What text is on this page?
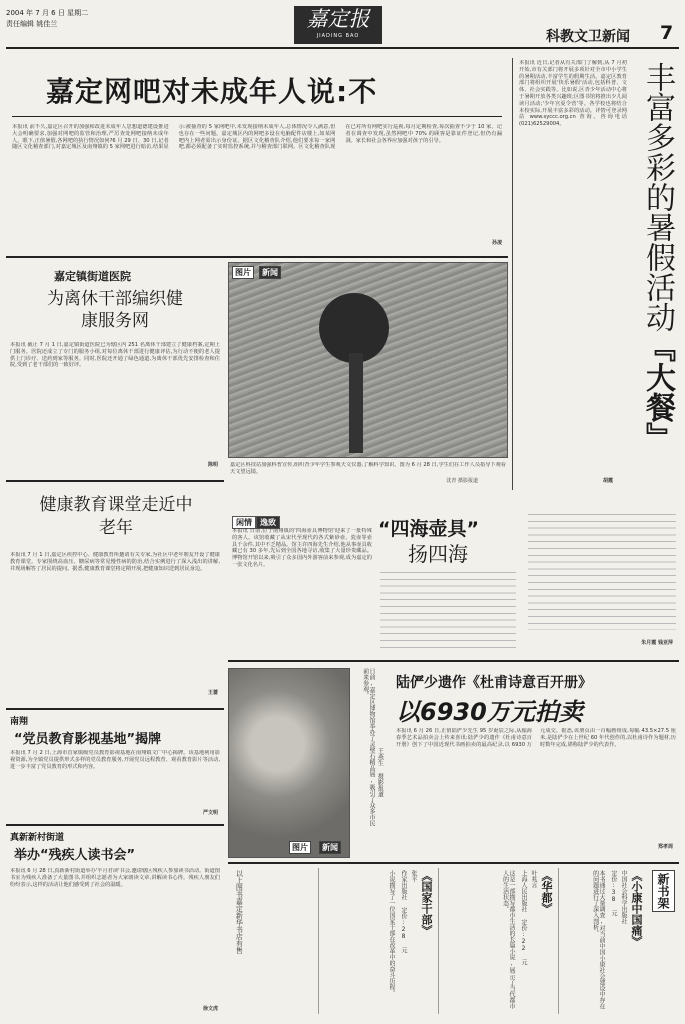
2004 年 7 月 6 日 星期二
责任编辑 姚佳兰	嘉定报
JIADING BAO	科教文卫新闻 7
嘉定网吧对未成年人说:不
本报讯 前不久,嘉定区召开的加强和改进未成年人思想道德建设推进大会明确要求,加强对网吧的监管和治理,严厉查处网吧接纳未成年人。眼下,正值暑假,各网吧的执行情况如何?6 月 29 日、30 日,记者随区文化稽查部门,对嘉定城区及南翔镇的 5 家网吧进行暗访,结果显示:被抽查的 5 家网吧中,未发现接纳未成年人,总体情况令人满意,但也存在一些问题。嘉定城区内的网吧多设在电脑配件店楼上,如某网吧内上网者需出示身份证。据区文化稽查队介绍,他们要求每一家网吧,都必须配备了实时监控系统,并与稽查部门联网。区文化稽查队现在已对所有网吧实行巡视,每月定期检查,每次抽查不少于 10 家。记者在调查中发现,虽然网吧中 70% 的顾客是靠证件登记,但仍有漏洞。家长和社会各界应加强对孩子的引导。
孙凌
本报讯 近日,记者从有关部门了解到,从 7 月初开始,市有关部门将开展多项针对全市中小学生的暑期活动,丰富学生的假期生活。嘉定区教育部门将组织开展'快乐暑假'活动,包括科普、文体、社会实践等。比如说,区青少年活动中心将于暑期开放各类兴趣班;区图书馆将推出少儿阅读月活动;'少年宫夏令营'等。各学校也将结合本校实际,开展丰富多彩的活动。详情可登录网站 www.syccc.org.cn 查询。咨询电话(021)62529004。	丰富多彩的暑假活动『大餐』
胡霞
嘉定镇街道医院
为离休干部编织健康服务网
本报讯 截止 7 月 1 日,嘉定镇街道医院已为辖区内 251 名离休干部建立了健康档案,定期上门服务。医院还成立了专门的服务小组,对每位离休干部进行健康评估,为行动不便的老人提供上门诊疗、送药到家等服务。同时,医院还开通了绿色通道,为离休干部优先安排检查和住院,受到了老干部们的一致好评。
陈明
健康教育课堂走近中老年
本报讯 7 月 1 日,嘉定区疾控中心、健康教育所邀请有关专家,为社区中老年朋友开设了健康教育课堂。专家围绕高血压、糖尿病等常见慢性病的防治,结合实例进行了深入浅出的讲解,并现场解答了居民的提问。据悉,健康教育课堂将定期开展,把健康知识送到居民身边。
王蔷
图片	新闻
嘉定区科技站加强科普宣传,组织青少年学生参观天文仪器,了解科学知识。图为 6 月 28 日,学生们在工作人员指导下观看天文望远镜。
沈青 摄影报道
闲情 逸致
本报讯 日前,位于南翔镇的'四海壶具博物馆'迎来了一批特殊的客人。该馆收藏了从宋代至现代的各式紫砂壶、瓷壶等壶具千余件,其中不乏精品。馆主许四海先生介绍,他从事壶具收藏已有 30 多年,先后到全国各地寻访,收集了大量珍贵藏品。博物馆开馆以来,吸引了众多国内外游客前来参观,成为嘉定的一张文化名片。
“四海壶具”
扬四海
朱月霞 钱亚萍
图片	新闻
日前,嘉定区博物馆举办了灵璧石精品展,吸引了众多市民前来参观。
王燕生 摄影报道
陆俨少遗作《杜甫诗意百开册》
以6930万元拍卖
本报讯 6 月 26 日,正值陆俨少先生 95 岁诞辰之际,从翰海春季艺术品拍卖会上传来喜讯:陆俨少的遗作《杜甫诗意百开册》创下了中国近现代书画拍卖的最高纪录,以 6930 万元成交。据悉,该册页由一百幅画组成,每幅 43.5×27.5 厘米,是陆俨少在上世纪 60 年代创作的,以杜甫诗作为题材,历时数年完成,堪称陆俨少的代表作。
郑孝周
南翔
“党员教育影视基地”揭牌
本报讯 7 月 2 日,上海市首家镇级党员教育影视基地在南翔镇文广中心揭牌。该基地利用影视资源,为全镇党员提供形式多样的党员教育服务,开展党员远程教育、观看教育影片等活动,进一步丰富了党员教育的形式和内容。
严文明
真新新村街道
举办“残疾人读书会”
本报讯 6 月 28 日,真新新村街道举办'半月君读'书会,邀请辖区残疾人参加读书活动。街道图书室为残疾人准备了大量图书,并组织志愿者为大家朗读文章,讲解读书心得。残疾人朋友们纷纷表示,这样的活动让他们感受到了社会的温暖。
徐文虎
新书架
《小康中国痛》
中国社会科学出版社
定价:38 元
本书通过大量调查,对当前中国小康社会建设中存在的问题进行了深入剖析。
《华都》
叶兆言
上海人民出版社 定价:22 元
这是一部描写都市生活的长篇小说,展示了当代都市人的生活状态。
《国家干部》
张平
作家出版社 定价:28 元
小说描写了一位国家干部在改革中的奋斗历程。
以上图书嘉定新华书店有售
